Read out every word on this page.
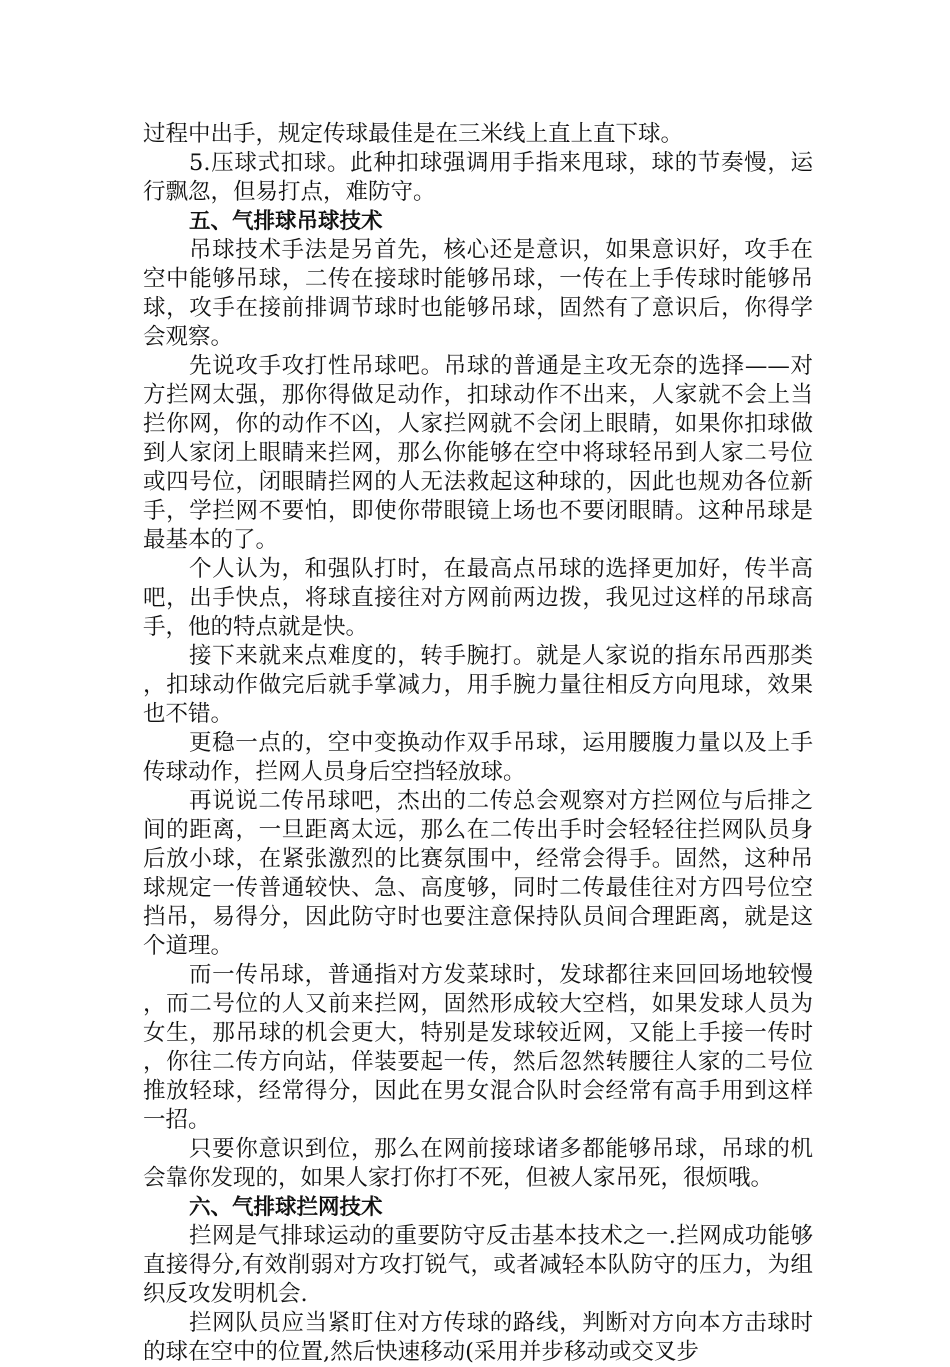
过程中出手，规定传球最佳是在三米线上直上直下球。

5.压球式扣球。此种扣球强调用手指来甩球，球的节奏慢，运行飘忽，但易打点，难防守。

五、气排球吊球技术

吊球技术手法是另首先，核心还是意识，如果意识好，攻手在空中能够吊球，二传在接球时能够吊球，一传在上手传球时能够吊球，攻手在接前排调节球时也能够吊球，固然有了意识后，你得学会观察。

先说攻手攻打性吊球吧。吊球的普通是主攻无奈的选择——对方拦网太强，那你得做足动作，扣球动作不出来，人家就不会上当拦你网，你的动作不凶，人家拦网就不会闭上眼睛，如果你扣球做到人家闭上眼睛来拦网，那么你能够在空中将球轻吊到人家二号位或四号位，闭眼睛拦网的人无法救起这种球的，因此也规劝各位新手，学拦网不要怕，即使你带眼镜上场也不要闭眼睛。这种吊球是最基本的了。

个人认为，和强队打时，在最高点吊球的选择更加好，传半高吧，出手快点，将球直接往对方网前两边拨，我见过这样的吊球高手，他的特点就是快。

接下来就来点难度的，转手腕打。就是人家说的指东吊西那类，扣球动作做完后就手掌减力，用手腕力量往相反方向甩球，效果也不错。

更稳一点的，空中变换动作双手吊球，运用腰腹力量以及上手传球动作，拦网人员身后空挡轻放球。

再说说二传吊球吧，杰出的二传总会观察对方拦网位与后排之间的距离，一旦距离太远，那么在二传出手时会轻轻往拦网队员身后放小球，在紧张激烈的比赛氛围中，经常会得手。固然，这种吊球规定一传普通较快、急、高度够，同时二传最佳往对方四号位空挡吊，易得分，因此防守时也要注意保持队员间合理距离，就是这个道理。

而一传吊球，普通指对方发菜球时，发球都往来回回场地较慢，而二号位的人又前来拦网，固然形成较大空档，如果发球人员为女生，那吊球的机会更大，特别是发球较近网，又能上手接一传时，你往二传方向站，佯装要起一传，然后忽然转腰往人家的二号位推放轻球，经常得分，因此在男女混合队时会经常有高手用到这样一招。

只要你意识到位，那么在网前接球诸多都能够吊球，吊球的机会靠你发现的，如果人家打你打不死，但被人家吊死，很烦哦。

六、气排球拦网技术

拦网是气排球运动的重要防守反击基本技术之一.拦网成功能够直接得分,有效削弱对方攻打锐气，或者减轻本队防守的压力，为组织反攻发明机会.

拦网队员应当紧盯住对方传球的路线，判断对方向本方击球时的球在空中的位置,然后快速移动(采用并步移动或交叉步
